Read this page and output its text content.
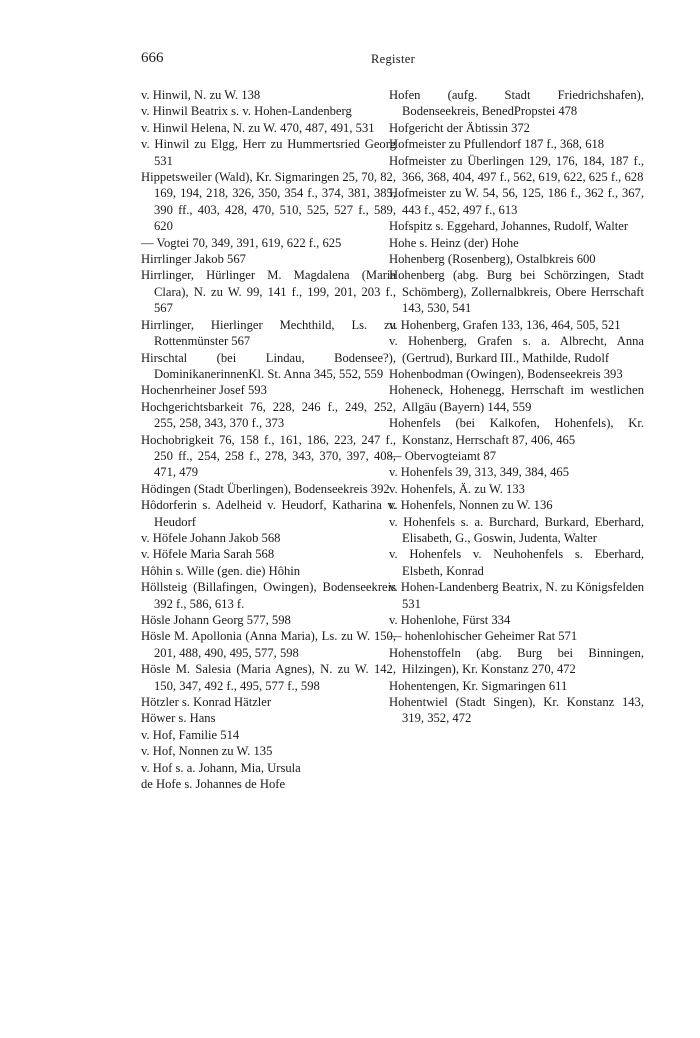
666	Register

v. Hinwil, N. zu W. 138

v. Hinwil Beatrix s. v. Hohen-Landenberg

v. Hinwil Helena, N. zu W. 470, 487, 491, 531

v. Hinwil zu Elgg, Herr zu Hummertsried Georg 531

Hippetsweiler (Wald), Kr. Sigmaringen 25, 70, 82, 169, 194, 218, 326, 350, 354 f., 374, 381, 385, 390 ff., 403, 428, 470, 510, 525, 527 f., 589, 620

— Vogtei 70, 349, 391, 619, 622 f., 625

Hirrlinger Jakob 567

Hirrlinger, Hürlinger M. Magdalena (Maria Clara), N. zu W. 99, 141 f., 199, 201, 203 f., 567

Hirrlinger, Hierlinger Mechthild, Ls. zu Rottenmünster 567

Hirschtal (bei Lindau, Bodensee?), DominikanerinnenKl. St. Anna 345, 552, 559

Hochenrheiner Josef 593

Hochgerichtsbarkeit 76, 228, 246 f., 249, 252, 255, 258, 343, 370 f., 373

Hochobrigkeit 76, 158 f., 161, 186, 223, 247 f., 250 ff., 254, 258 f., 278, 343, 370, 397, 408, 471, 479

Hödingen (Stadt Überlingen), Bodenseekreis 392

Hôdorferin s. Adelheid v. Heudorf, Katharina v. Heudorf

v. Höfele Johann Jakob 568

v. Höfele Maria Sarah 568

Hôhin s. Wille (gen. die) Hôhin

Höllsteig (Billafingen, Owingen), Bodenseekreis 392 f., 586, 613 f.

Hösle Johann Georg 577, 598

Hösle M. Apollonia (Anna Maria), Ls. zu W. 150, 201, 488, 490, 495, 577, 598

Hösle M. Salesia (Maria Agnes), N. zu W. 142, 150, 347, 492 f., 495, 577 f., 598

Hötzler s. Konrad Hätzler

Höwer s. Hans

v. Hof, Familie 514

v. Hof, Nonnen zu W. 135

v. Hof s. a. Johann, Mia, Ursula

de Hofe s. Johannes de Hofe

Hofen (aufg. Stadt Friedrichshafen), Bodenseekreis, BenedPropstei 478

Hofgericht der Äbtissin 372

Hofmeister zu Pfullendorf 187 f., 368, 618

Hofmeister zu Überlingen 129, 176, 184, 187 f., 366, 368, 404, 497 f., 562, 619, 622, 625 f., 628

Hofmeister zu W. 54, 56, 125, 186 f., 362 f., 367, 443 f., 452, 497 f., 613

Hofspitz s. Eggehard, Johannes, Rudolf, Walter

Hohe s. Heinz (der) Hohe

Hohenberg (Rosenberg), Ostalbkreis 600

Hohenberg (abg. Burg bei Schörzingen, Stadt Schömberg), Zollernalbkreis, Obere Herrschaft 143, 530, 541

v. Hohenberg, Grafen 133, 136, 464, 505, 521

v. Hohenberg, Grafen s. a. Albrecht, Anna (Gertrud), Burkard III., Mathilde, Rudolf

Hohenbodman (Owingen), Bodenseekreis 393

Hoheneck, Hohenegg, Herrschaft im westlichen Allgäu (Bayern) 144, 559

Hohenfels (bei Kalkofen, Hohenfels), Kr. Konstanz, Herrschaft 87, 406, 465

— Obervogteiamt 87

v. Hohenfels 39, 313, 349, 384, 465

v. Hohenfels, Ä. zu W. 133

v. Hohenfels, Nonnen zu W. 136

v. Hohenfels s. a. Burchard, Burkard, Eberhard, Elisabeth, G., Goswin, Judenta, Walter

v. Hohenfels v. Neuhohenfels s. Eberhard, Elsbeth, Konrad

v. Hohen-Landenberg Beatrix, N. zu Königsfelden 531

v. Hohenlohe, Fürst 334

— hohenlohischer Geheimer Rat 571

Hohenstoffeln (abg. Burg bei Binningen, Hilzingen), Kr. Konstanz 270, 472

Hohentengen, Kr. Sigmaringen 611

Hohentwiel (Stadt Singen), Kr. Konstanz 143, 319, 352, 472
